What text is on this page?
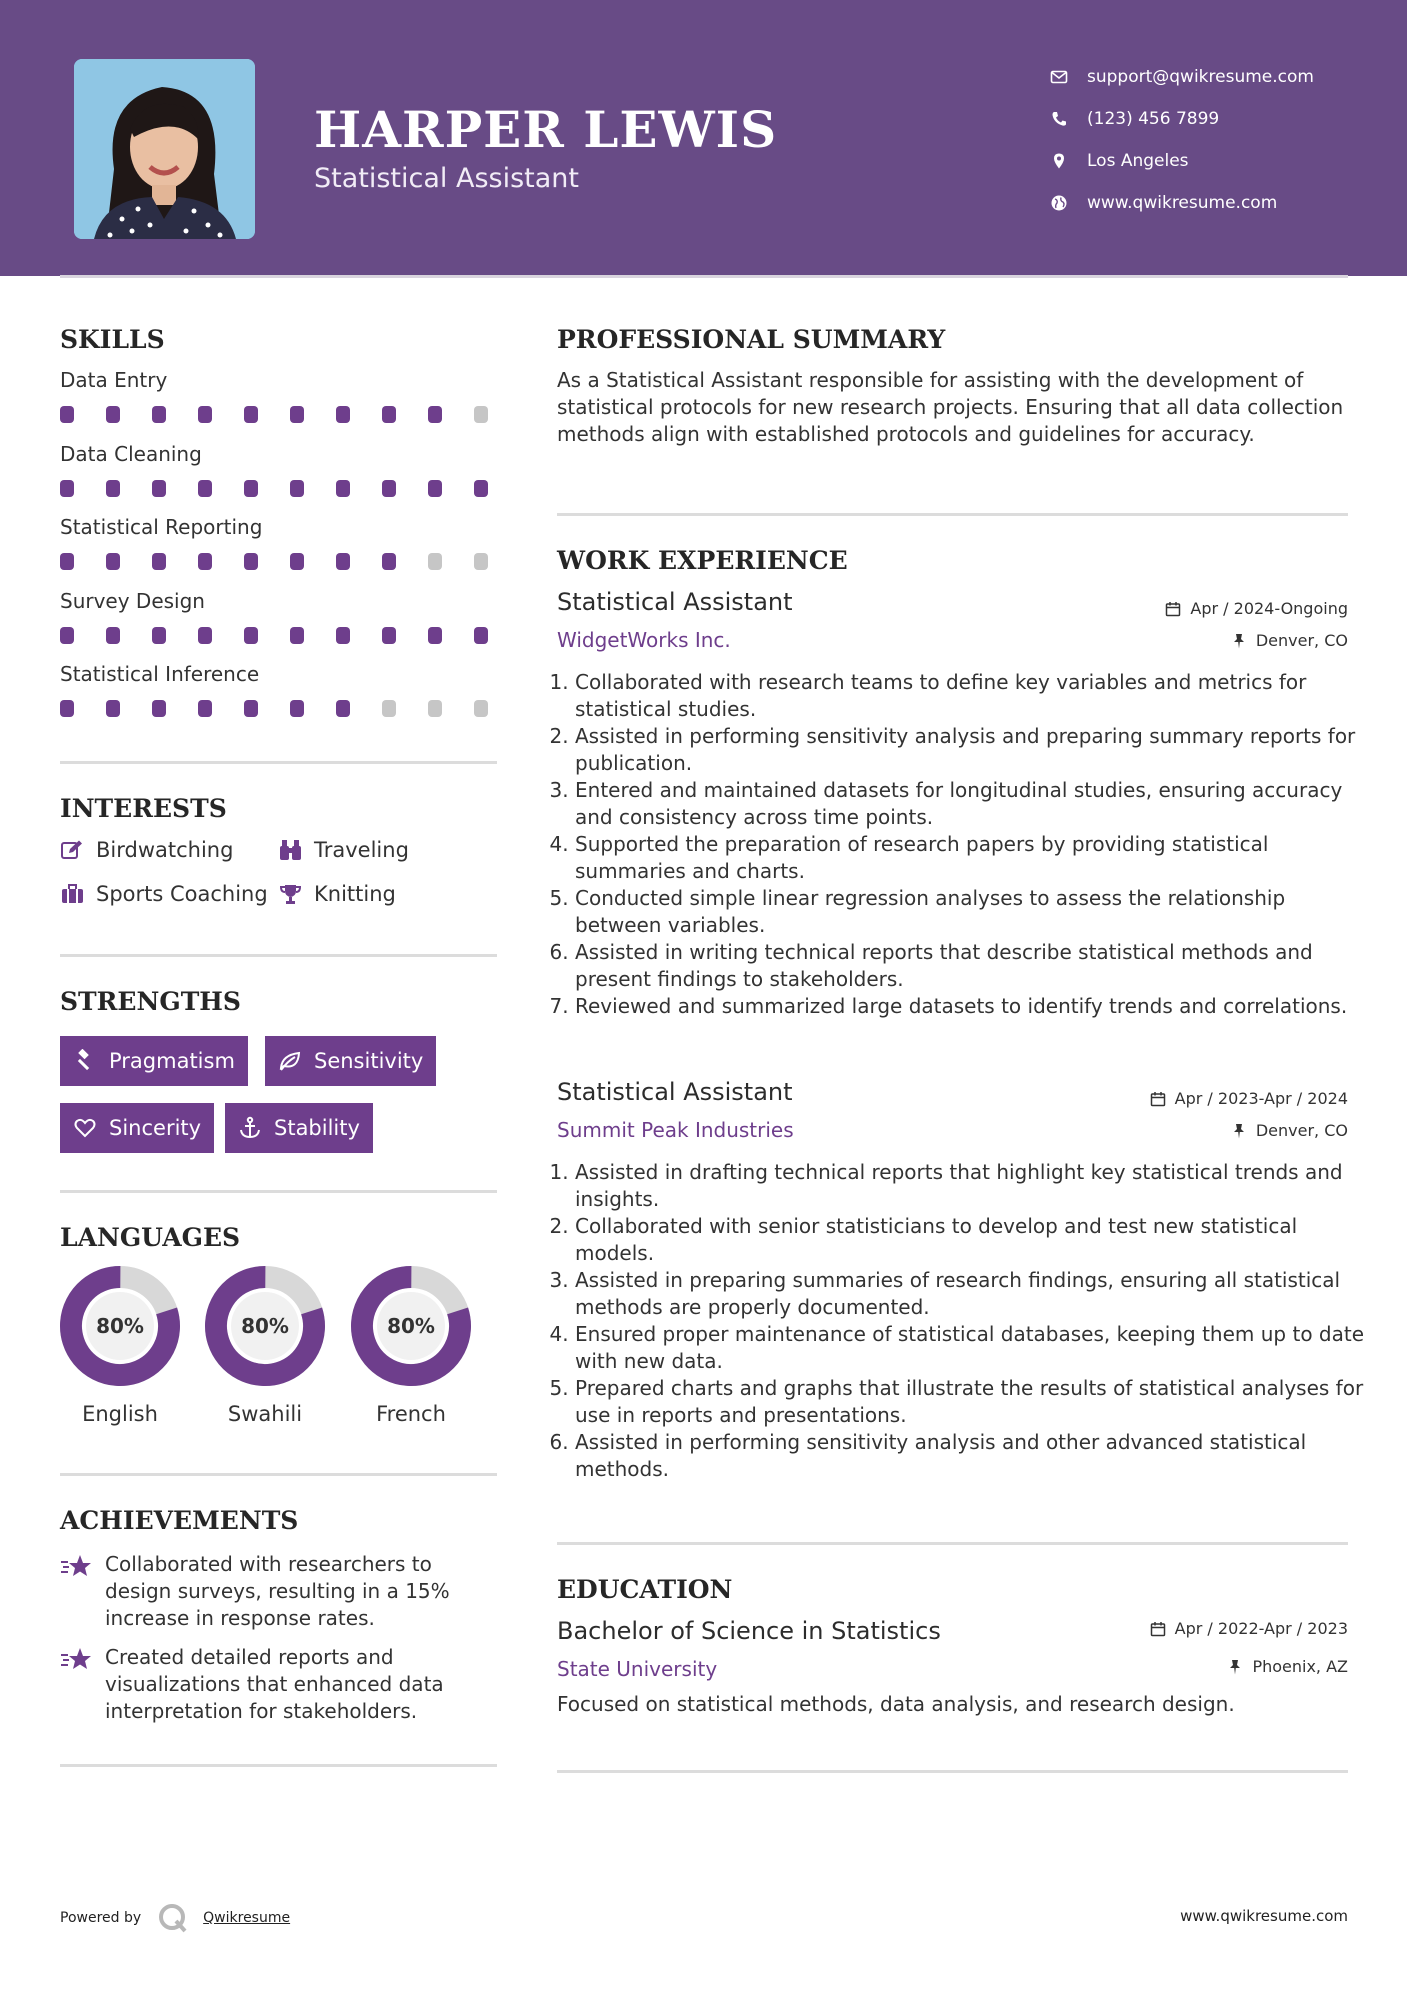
HARPER LEWIS
Statistical Assistant
support@qwikresume.com
(123) 456 7899
Los Angeles
www.qwikresume.com
SKILLS
Data Entry
Data Cleaning
Statistical Reporting
Survey Design
Statistical Inference
INTERESTS
Birdwatching	Traveling
Sports Coaching Knitting
STRENGTHS
Pragmatism	Sensitivity
Sincerity	Stability
LANGUAGES
80%
English
80%
Swahili
80%
French
ACHIEVEMENTS
Collaborated with researchers to design surveys, resulting in a 15% increase in response rates.
Created detailed reports and visualizations that enhanced data interpretation for stakeholders.
PROFESSIONAL SUMMARY

As a Statistical Assistant responsible for assisting with the development of statistical protocols for new research projects. Ensuring that all data collection methods align with established protocols and guidelines for accuracy.

WORK EXPERIENCE
Statistical Assistant	Apr / 2024-Ongoing
WidgetWorks Inc.	Denver, CO
1. Collaborated with research teams to define key variables and metrics for statistical studies.
2. Assisted in performing sensitivity analysis and preparing summary reports for publication.
3. Entered and maintained datasets for longitudinal studies, ensuring accuracy and consistency across time points.
4. Supported the preparation of research papers by providing statistical summaries and charts.
5. Conducted simple linear regression analyses to assess the relationship between variables.
6. Assisted in writing technical reports that describe statistical methods and present findings to stakeholders.
7. Reviewed and summarized large datasets to identify trends and correlations.
Statistical Assistant	Apr / 2023-Apr / 2024
Summit Peak Industries	Denver, CO
1. Assisted in drafting technical reports that highlight key statistical trends and insights.
2. Collaborated with senior statisticians to develop and test new statistical models.
3. Assisted in preparing summaries of research findings, ensuring all statistical methods are properly documented.
4. Ensured proper maintenance of statistical databases, keeping them up to date with new data.
5. Prepared charts and graphs that illustrate the results of statistical analyses for use in reports and presentations.
6. Assisted in performing sensitivity analysis and other advanced statistical methods.
EDUCATION
Bachelor of Science in Statistics	Apr / 2022-Apr / 2023
State University	Phoenix, AZ

Focused on statistical methods, data analysis, and research design.

Powered by	Qwikresume	www.qwikresume.com
